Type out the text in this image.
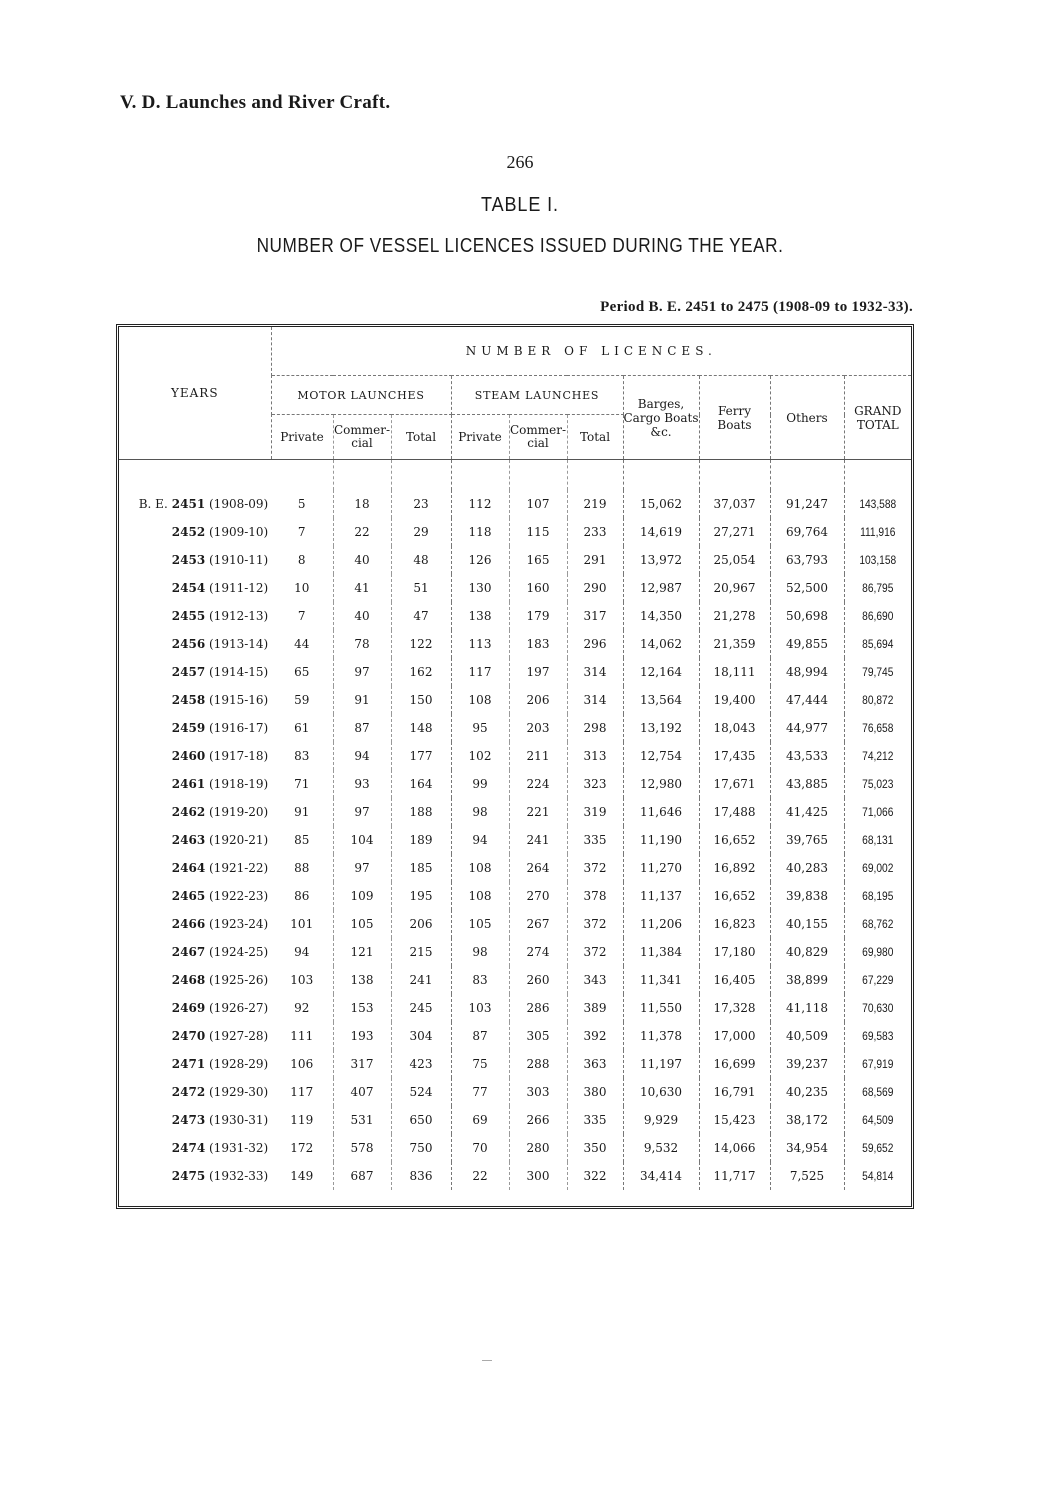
V. D. Launches and River Craft.
266
TABLE I.
NUMBER OF VESSEL LICENCES ISSUED DURING THE YEAR.
Period B. E. 2451 to 2475 (1908-09 to 1932-33).
YEARS	NUMBER OF LICENCES.									
	MOTOR LAUNCHES			STEAM LAUNCHES			Barges, Cargo Boats &c.	Ferry Boats	Others	GRAND TOTAL
	Private	Commer-cial	Total	Private	Commer-cial	Total				

B. E. 2451 (1908-09)	5	18	23	112	107	219	15,062	37,037	91,247	143,588
2452 (1909-10)	7	22	29	118	115	233	14,619	27,271	69,764	111,916
2453 (1910-11)	8	40	48	126	165	291	13,972	25,054	63,793	103,158
2454 (1911-12)	10	41	51	130	160	290	12,987	20,967	52,500	86,795
2455 (1912-13)	7	40	47	138	179	317	14,350	21,278	50,698	86,690
2456 (1913-14)	44	78	122	113	183	296	14,062	21,359	49,855	85,694
2457 (1914-15)	65	97	162	117	197	314	12,164	18,111	48,994	79,745
2458 (1915-16)	59	91	150	108	206	314	13,564	19,400	47,444	80,872
2459 (1916-17)	61	87	148	95	203	298	13,192	18,043	44,977	76,658
2460 (1917-18)	83	94	177	102	211	313	12,754	17,435	43,533	74,212
2461 (1918-19)	71	93	164	99	224	323	12,980	17,671	43,885	75,023
2462 (1919-20)	91	97	188	98	221	319	11,646	17,488	41,425	71,066
2463 (1920-21)	85	104	189	94	241	335	11,190	16,652	39,765	68,131
2464 (1921-22)	88	97	185	108	264	372	11,270	16,892	40,283	69,002
2465 (1922-23)	86	109	195	108	270	378	11,137	16,652	39,838	68,195
2466 (1923-24)	101	105	206	105	267	372	11,206	16,823	40,155	68,762
2467 (1924-25)	94	121	215	98	274	372	11,384	17,180	40,829	69,980
2468 (1925-26)	103	138	241	83	260	343	11,341	16,405	38,899	67,229
2469 (1926-27)	92	153	245	103	286	389	11,550	17,328	41,118	70,630
2470 (1927-28)	111	193	304	87	305	392	11,378	17,000	40,509	69,583
2471 (1928-29)	106	317	423	75	288	363	11,197	16,699	39,237	67,919
2472 (1929-30)	117	407	524	77	303	380	10,630	16,791	40,235	68,569
2473 (1930-31)	119	531	650	69	266	335	9,929	15,423	38,172	64,509
2474 (1931-32)	172	578	750	70	280	350	9,532	14,066	34,954	59,652
2475 (1932-33)	149	687	836	22	300	322	34,414	11,717	7,525	54,814
